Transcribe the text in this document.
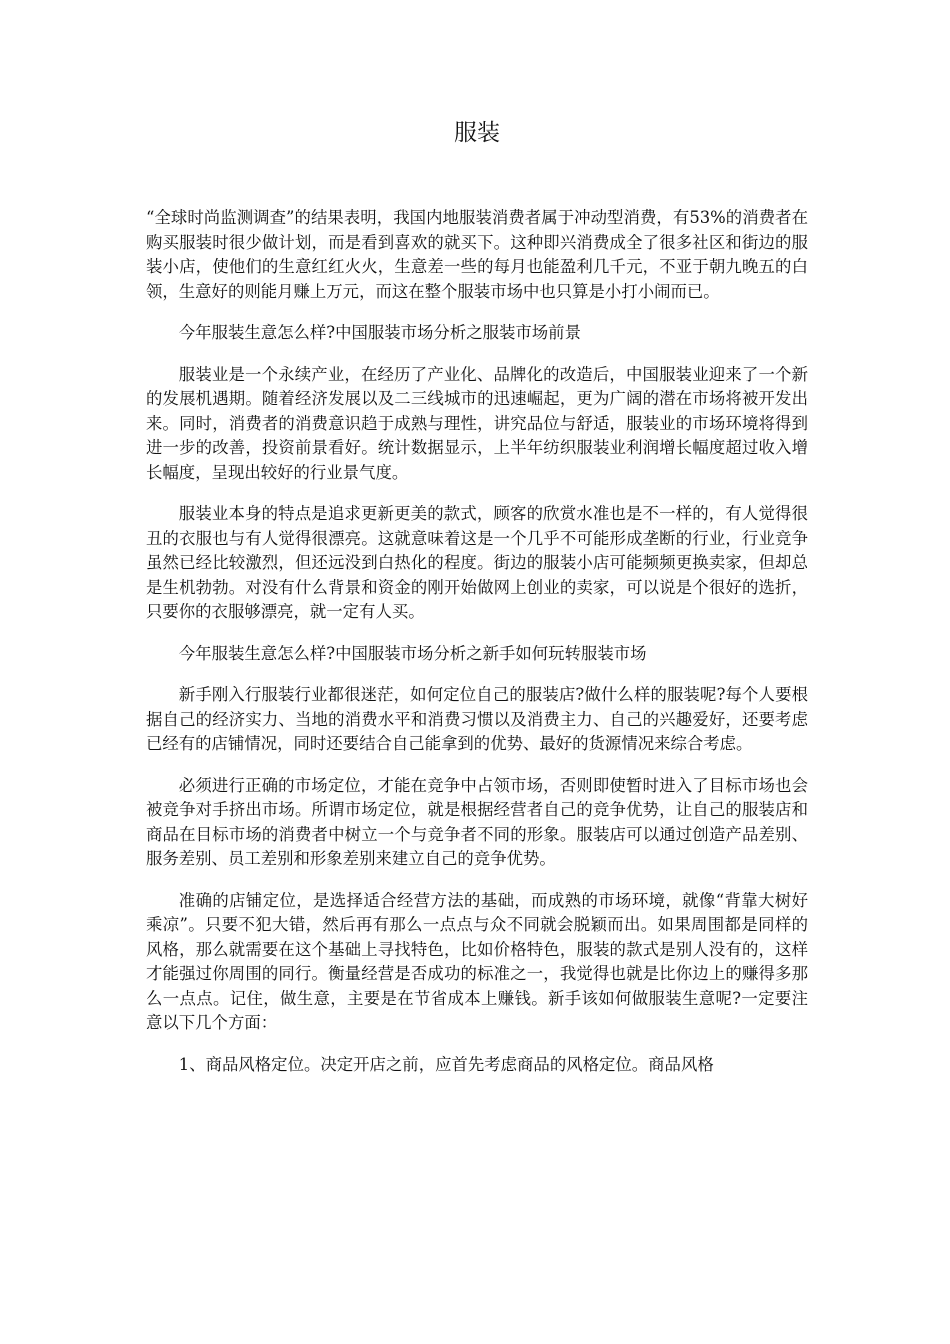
服装

“全球时尚监测调查”的结果表明，我国内地服装消费者属于冲动型消费，有53%的消费者在购买服装时很少做计划，而是看到喜欢的就买下。这种即兴消费成全了很多社区和街边的服装小店，使他们的生意红红火火，生意差一些的每月也能盈利几千元，不亚于朝九晚五的白领，生意好的则能月赚上万元，而这在整个服装市场中也只算是小打小闹而已。

今年服装生意怎么样?中国服装市场分析之服装市场前景

服装业是一个永续产业，在经历了产业化、品牌化的改造后，中国服装业迎来了一个新的发展机遇期。随着经济发展以及二三线城市的迅速崛起，更为广阔的潜在市场将被开发出来。同时，消费者的消费意识趋于成熟与理性，讲究品位与舒适，服装业的市场环境将得到进一步的改善，投资前景看好。统计数据显示，上半年纺织服装业利润增长幅度超过收入增长幅度，呈现出较好的行业景气度。

服装业本身的特点是追求更新更美的款式，顾客的欣赏水准也是不一样的，有人觉得很丑的衣服也与有人觉得很漂亮。这就意味着这是一个几乎不可能形成垄断的行业，行业竞争虽然已经比较激烈，但还远没到白热化的程度。街边的服装小店可能频频更换卖家，但却总是生机勃勃。对没有什么背景和资金的刚开始做网上创业的卖家，可以说是个很好的选折，只要你的衣服够漂亮，就一定有人买。

今年服装生意怎么样?中国服装市场分析之新手如何玩转服装市场

新手刚入行服装行业都很迷茫，如何定位自己的服装店?做什么样的服装呢?每个人要根据自己的经济实力、当地的消费水平和消费习惯以及消费主力、自己的兴趣爱好，还要考虑已经有的店铺情况，同时还要结合自己能拿到的优势、最好的货源情况来综合考虑。

必须进行正确的市场定位，才能在竞争中占领市场，否则即使暂时进入了目标市场也会被竞争对手挤出市场。所谓市场定位，就是根据经营者自己的竞争优势，让自己的服装店和商品在目标市场的消费者中树立一个与竞争者不同的形象。服装店可以通过创造产品差别、服务差别、员工差别和形象差别来建立自己的竞争优势。

准确的店铺定位，是选择适合经营方法的基础，而成熟的市场环境，就像“背靠大树好乘凉”。只要不犯大错，然后再有那么一点点与众不同就会脱颖而出。如果周围都是同样的风格，那么就需要在这个基础上寻找特色，比如价格特色，服装的款式是别人没有的，这样才能强过你周围的同行。衡量经营是否成功的标准之一，我觉得也就是比你边上的赚得多那么一点点。记住，做生意，主要是在节省成本上赚钱。新手该如何做服装生意呢?一定要注意以下几个方面：

1、商品风格定位。决定开店之前，应首先考虑商品的风格定位。商品风格
